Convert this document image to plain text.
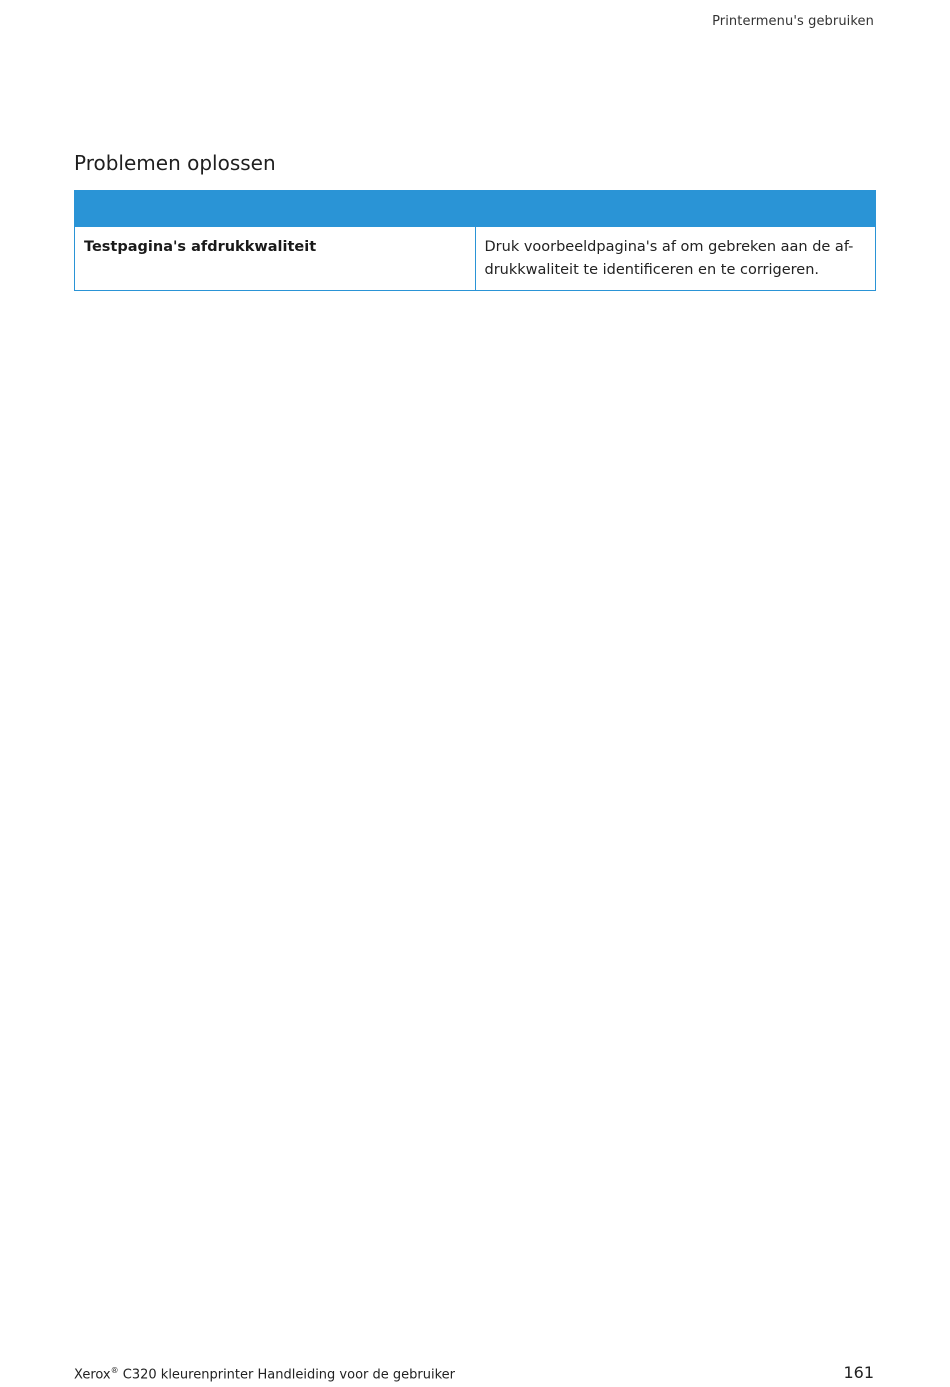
Printermenu's gebruiken
Problemen oplossen

Testpagina's afdrukkwaliteit	Druk voorbeeldpagina's af om gebreken aan de af- drukkwaliteit te identificeren en te corrigeren.
Xerox® C320 kleurenprinter Handleiding voor de gebruiker	161
